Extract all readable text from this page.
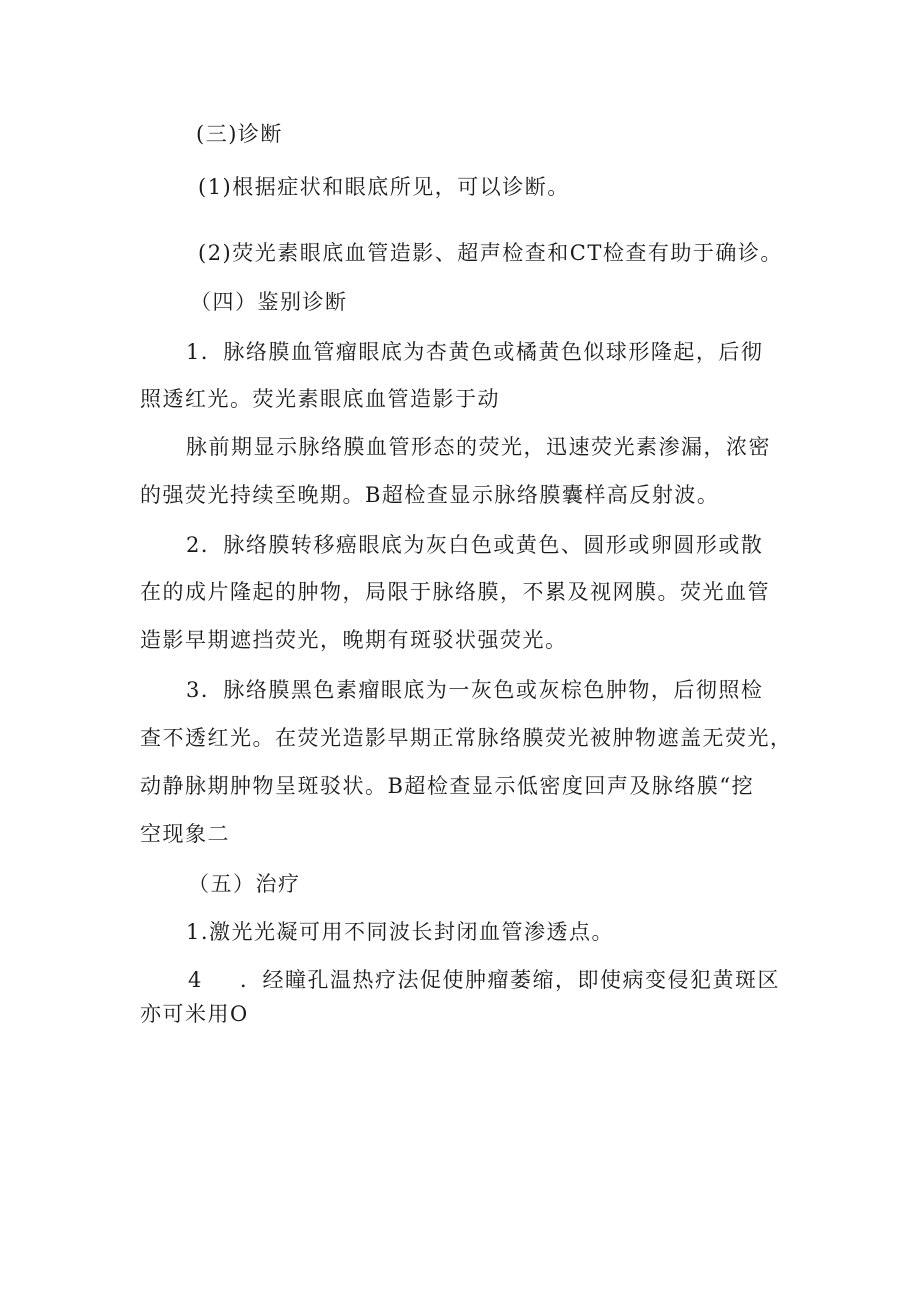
(三)诊断
(1)根据症状和眼底所见，可以诊断。
(2)荧光素眼底血管造影、超声检查和CT检查有助于确诊。
（四）鉴别诊断
1．脉络膜血管瘤眼底为杏黄色或橘黄色似球形隆起，后彻
照透红光。荧光素眼底血管造影于动
脉前期显示脉络膜血管形态的荧光，迅速荧光素渗漏，浓密
的强荧光持续至晚期。B超检查显示脉络膜囊样高反射波。
2．脉络膜转移癌眼底为灰白色或黄色、圆形或卵圆形或散
在的成片隆起的肿物，局限于脉络膜，不累及视网膜。荧光血管
造影早期遮挡荧光，晚期有斑驳状强荧光。
3．脉络膜黑色素瘤眼底为一灰色或灰棕色肿物，后彻照检
查不透红光。在荧光造影早期正常脉络膜荧光被肿物遮盖无荧光，
动静脉期肿物呈斑驳状。B超检查显示低密度回声及脉络膜“挖
空现象二
（五）治疗
1.激光光凝可用不同波长封闭血管渗透点。
4 ．经瞳孔温热疗法促使肿瘤萎缩，即使病变侵犯黄斑区
亦可米用O
